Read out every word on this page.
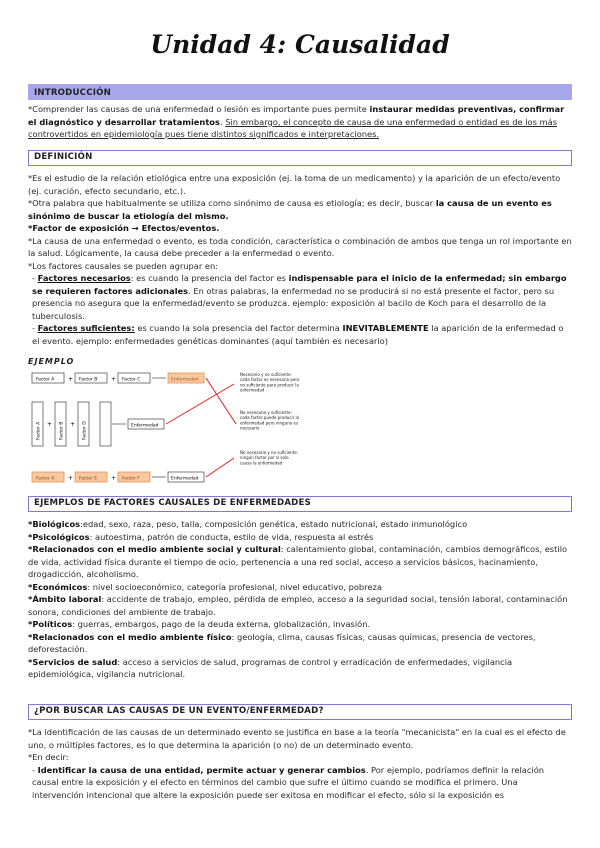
Unidad 4: Causalidad
INTRODUCCIÓN

*Comprender las causas de una enfermedad o lesión es importante pues permite instaurar medidas preventivas, confirmar el diagnóstico y desarrollar tratamientos. Sin embargo, el concepto de causa de una enfermedad o entidad es de los más controvertidos en epidemiología pues tiene distintos significados e interpretaciones.

DEFINICIÓN

*Es el estudio de la relación etiológica entre una exposición (ej. la toma de un medicamento) y la aparición de un efecto/evento (ej. curación, efecto secundario, etc.).

*Otra palabra que habitualmente se utiliza como sinónimo de causa es etiología; es decir, buscar la causa de un evento es sinónimo de buscar la etiología del mismo.

*Factor de exposición → Efectos/eventos.

*La causa de una enfermedad o evento, es toda condición, característica o combinación de ambos que tenga un rol importante en la salud. Lógicamente, la causa debe preceder a la enfermedad o evento.

*Los factores causales se pueden agrupar en:

- Factores necesarios: es cuando la presencia del factor es indispensable para el inicio de la enfermedad; sin embargo se requieren factores adicionales. En otras palabras, la enfermedad no se producirá si no está presente el factor, pero su presencia no asegura que la enfermedad/evento se produzca. ejemplo: exposición al bacilo de Koch para el desarrollo de la tuberculosis.

- Factores suficientes: es cuando la sola presencia del factor determina INEVITABLEMENTE la aparición de la enfermedad o el evento. ejemplo: enfermedades genéticas dominantes (aquí también es necesario)

EJEMPLO
Factor A + Factor B + Factor C	Enfermedad
Factor A + Factor B + Factor D	Enfermedad
Factor A + Factor E + Factor F	Enfermedad
Necesario y no suficiente: cada factor es necesario pero no suficiente para producir la enfermedad
No necesario y suficiente: cada factor puede producir la enfermedad pero ninguno es necesario
No necesario y no suficiente: ningún factor por sí solo causa la enfermedad
EJEMPLOS DE FACTORES CAUSALES DE ENFERMEDADES

*Biológicos:edad, sexo, raza, peso, talla, composición genética, estado nutricional, estado inmunológico

*Psicológicos: autoestima, patrón de conducta, estilo de vida, respuesta al estrés

*Relacionados con el medio ambiente social y cultural: calentamiento global, contaminación, cambios demográficos, estilo de vida, actividad física durante el tiempo de ocio, pertenencia a una red social, acceso a servicios básicos, hacinamiento, drogadicción, alcoholismo.

*Económicos: nivel socioeconómico, categoría profesional, nivel educativo, pobreza

*Ámbito laboral: accidente de trabajo, empleo, pérdida de empleo, acceso a la seguridad social, tensión laboral, contaminación sonora, condiciones del ambiente de trabajo.

*Políticos: guerras, embargos, pago de la deuda externa, globalización, invasión.

*Relacionados con el medio ambiente físico: geología, clima, causas físicas, causas químicas, presencia de vectores, deforestación.

*Servicios de salud: acceso a servicios de salud, programas de control y erradicación de enfermedades, vigilancia epidemiológica, vigilancia nutricional.

¿POR BUSCAR LAS CAUSAS DE UN EVENTO/ENFERMEDAD?

*La identificación de las causas de un determinado evento se justifica en base a la teoría "mecanicista" en la cual es el efecto de uno, o múltiples factores, es lo que determina la aparición (o no) de un determinado evento.

*En decir:

- Identificar la causa de una entidad, permite actuar y generar cambios. Por ejemplo, podríamos definir la relación causal entre la exposición y el efecto en términos del cambio que sufre el último cuando se modifica el primero. Una intervención intencional que altere la exposición puede ser exitosa en modificar el efecto, sólo si la exposición es
